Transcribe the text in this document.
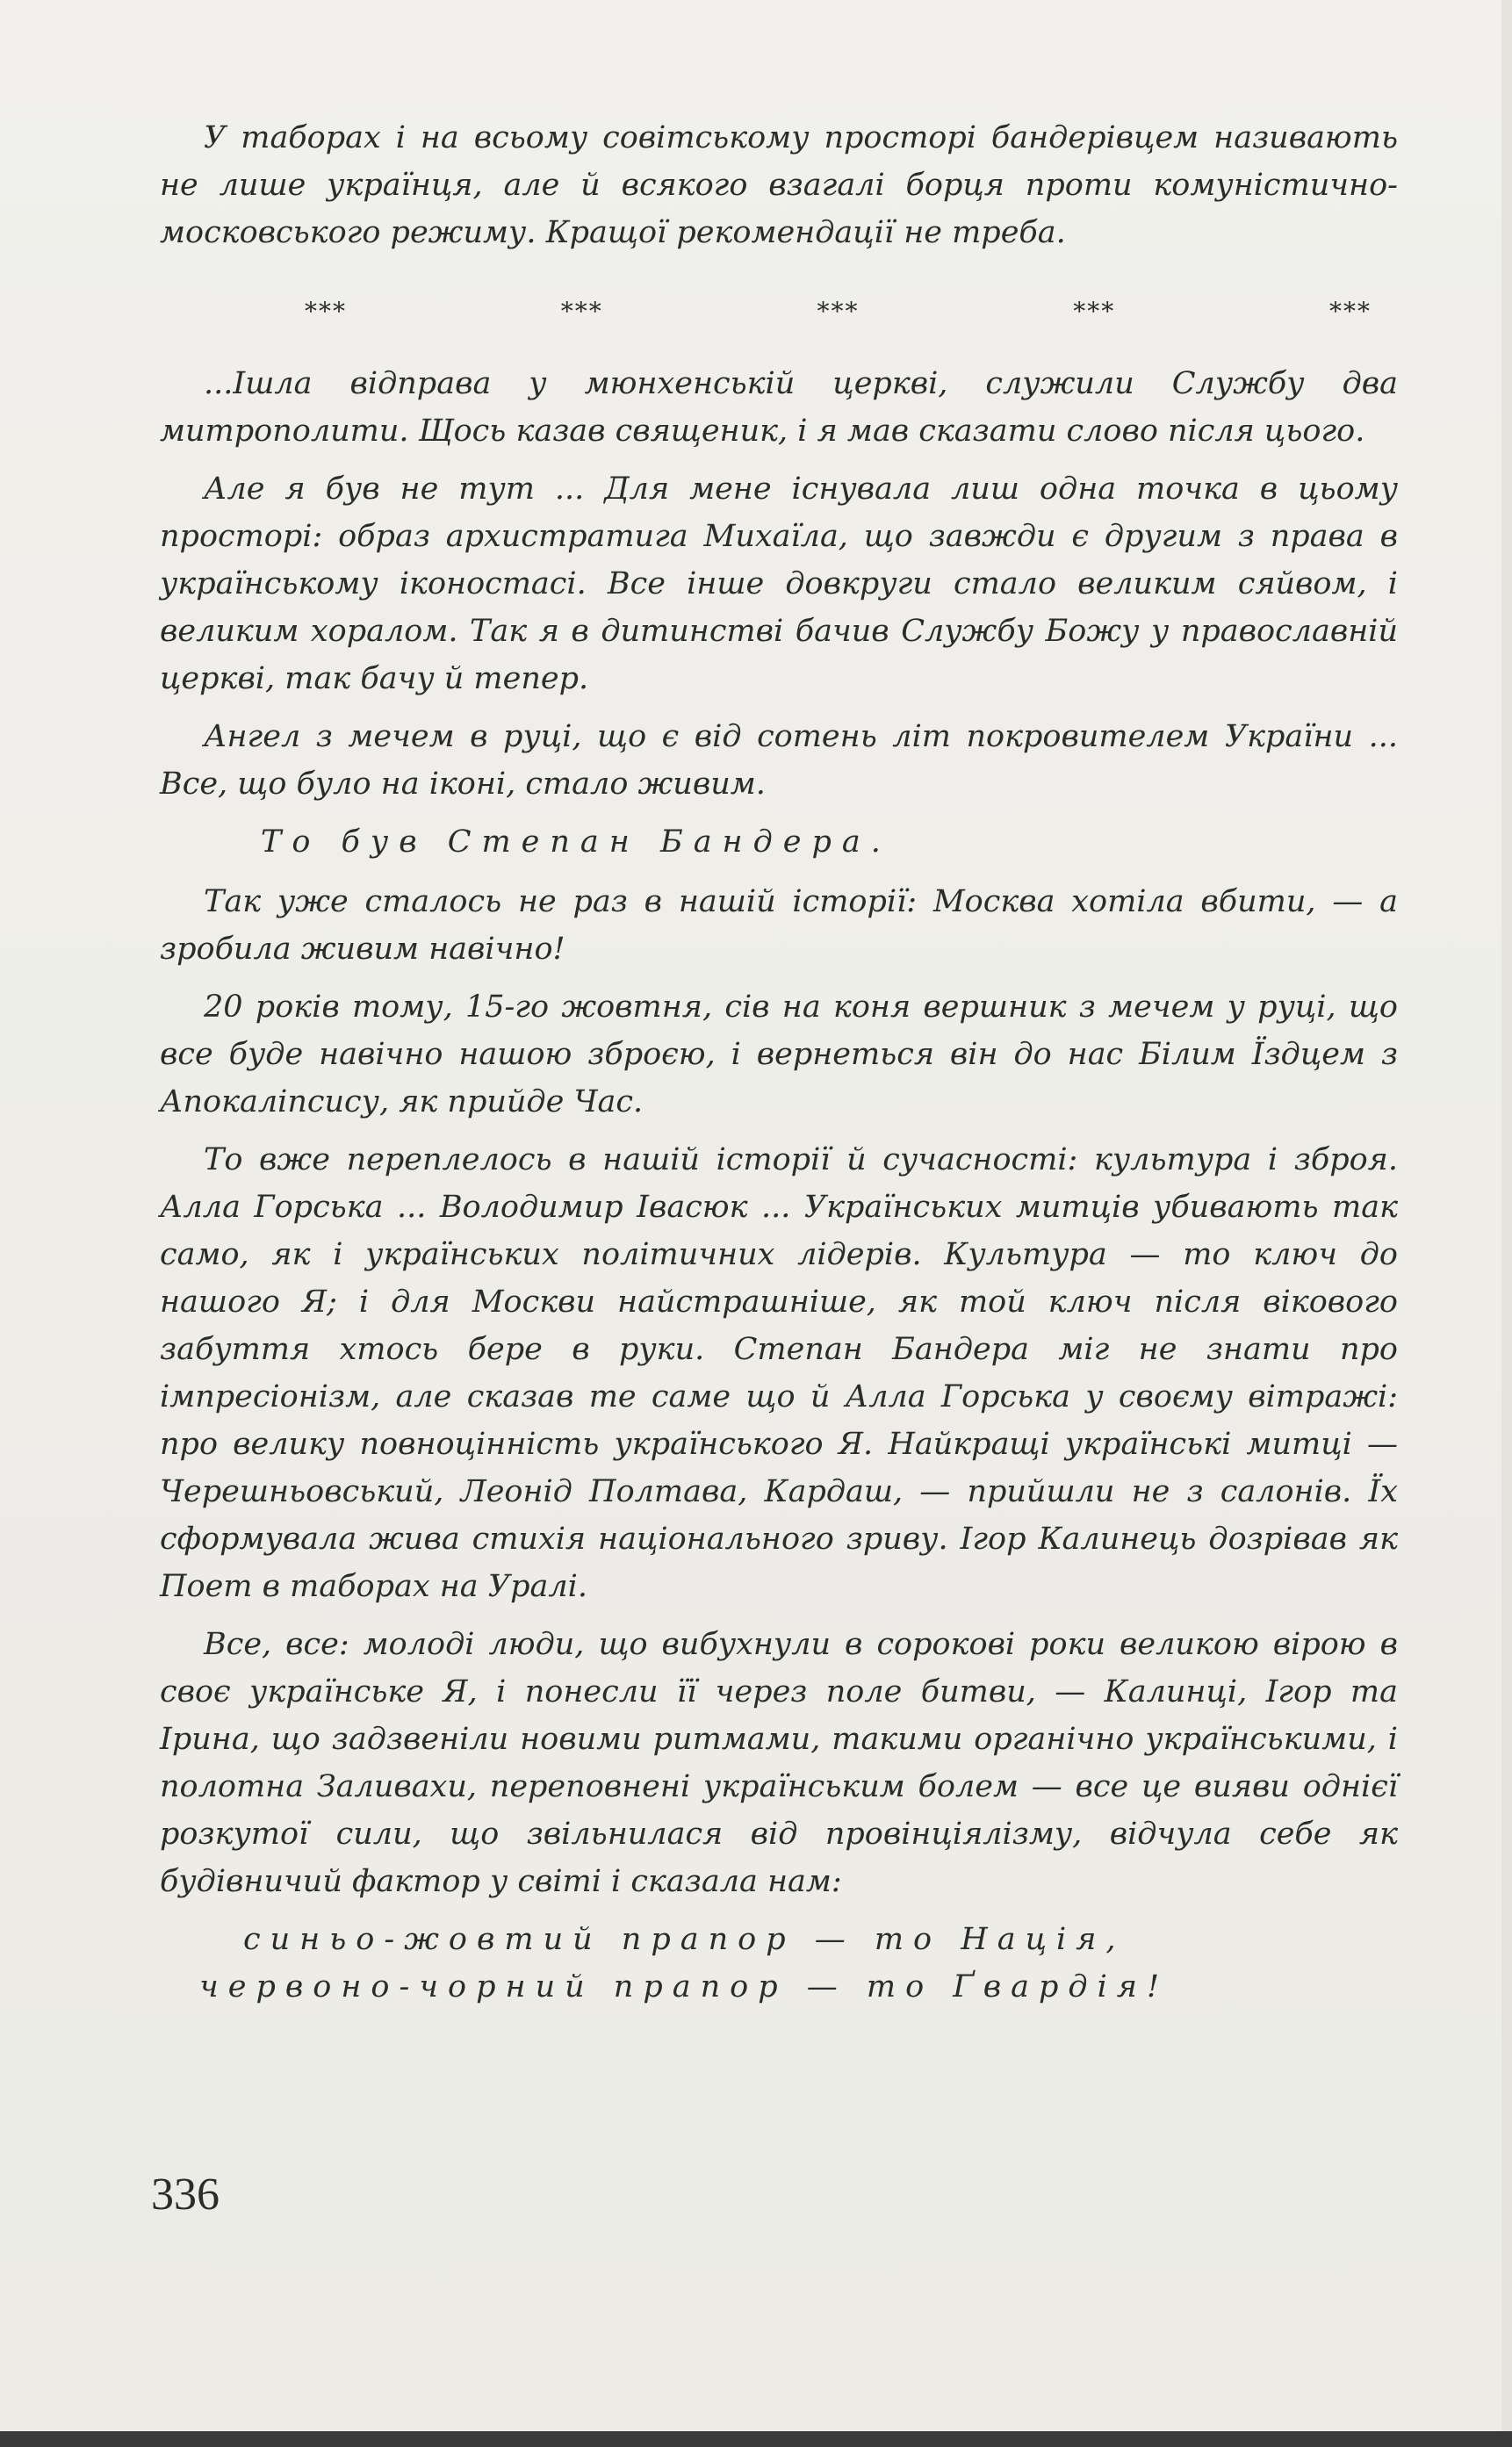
У таборах і на всьому совітському просторі бандерівцем називають не лише українця, але й всякого взагалі борця проти комуністично-московського режиму. Кращої рекомендації не треба.

***	***	***	***	***

...Ішла відправа у мюнхенській церкві, служили Службу два митрополити. Щось казав священик, і я мав сказати слово після цього.

Але я був не тут ... Для мене існувала лиш одна точка в цьому просторі: образ архистратига Михаїла, що завжди є другим з права в українському іконостасі. Все інше довкруги стало великим сяйвом, і великим хоралом. Так я в дитинстві бачив Службу Божу у православній церкві, так бачу й тепер.

Ангел з мечем в руці, що є від сотень літ покровителем України ... Все, що було на іконі, стало живим.

То був Степан Бандера.

Так уже сталось не раз в нашій історії: Москва хотіла вбити, — а зробила живим навічно!

20 років тому, 15-го жовтня, сів на коня вершник з мечем у руці, що все буде навічно нашою зброєю, і вернеться він до нас Білим Їздцем з Апокаліпсису, як прийде Час.

То вже переплелось в нашій історії й сучасності: культура і зброя. Алла Горська ... Володимир Івасюк ... Українських митців убивають так само, як і українських політичних лідерів. Культура — то ключ до нашого Я; і для Москви найстрашніше, як той ключ після вікового забуття хтось бере в руки. Степан Бандера міг не знати про імпресіонізм, але сказав те саме що й Алла Горська у своєму вітражі: про велику повноцінність українського Я. Найкращі українські митці — Черешньовський, Леонід Полтава, Кардаш, — прийшли не з салонів. Їх сформувала жива стихія національного зриву. Ігор Калинець дозрівав як Поет в таборах на Уралі.

Все, все: молоді люди, що вибухнули в сорокові роки великою вірою в своє українське Я, і понесли її через поле битви, — Калинці, Ігор та Ірина, що задзвеніли новими ритмами, такими органічно українськими, і полотна Заливахи, переповнені українським болем — все це вияви однієї розкутої сили, що звільнилася від провінціялізму, відчула себе як будівничий фактор у світі і сказала нам:

синьо-жовтий прапор — то Нація,

червоно-чорний прапор — то Ґвардія!

336
